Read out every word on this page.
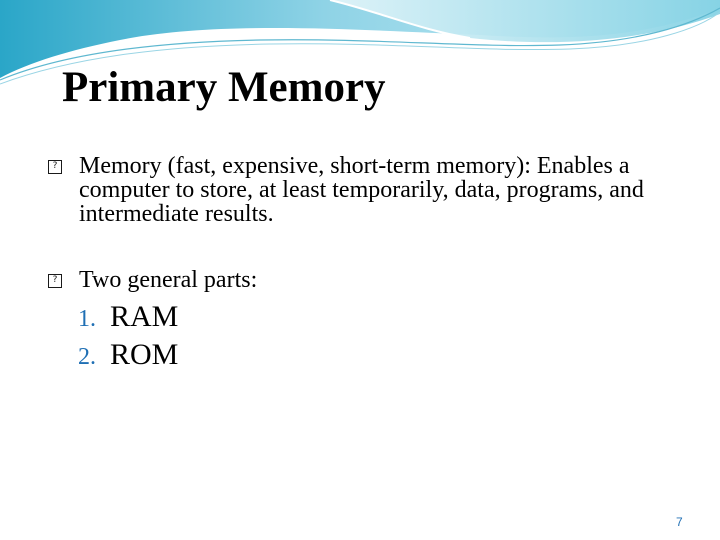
Primary Memory
? Memory (fast, expensive, short-term memory): Enables a computer to store, at least temporarily, data, programs, and intermediate results.
? Two general parts:
1. RAM
2. ROM
7
